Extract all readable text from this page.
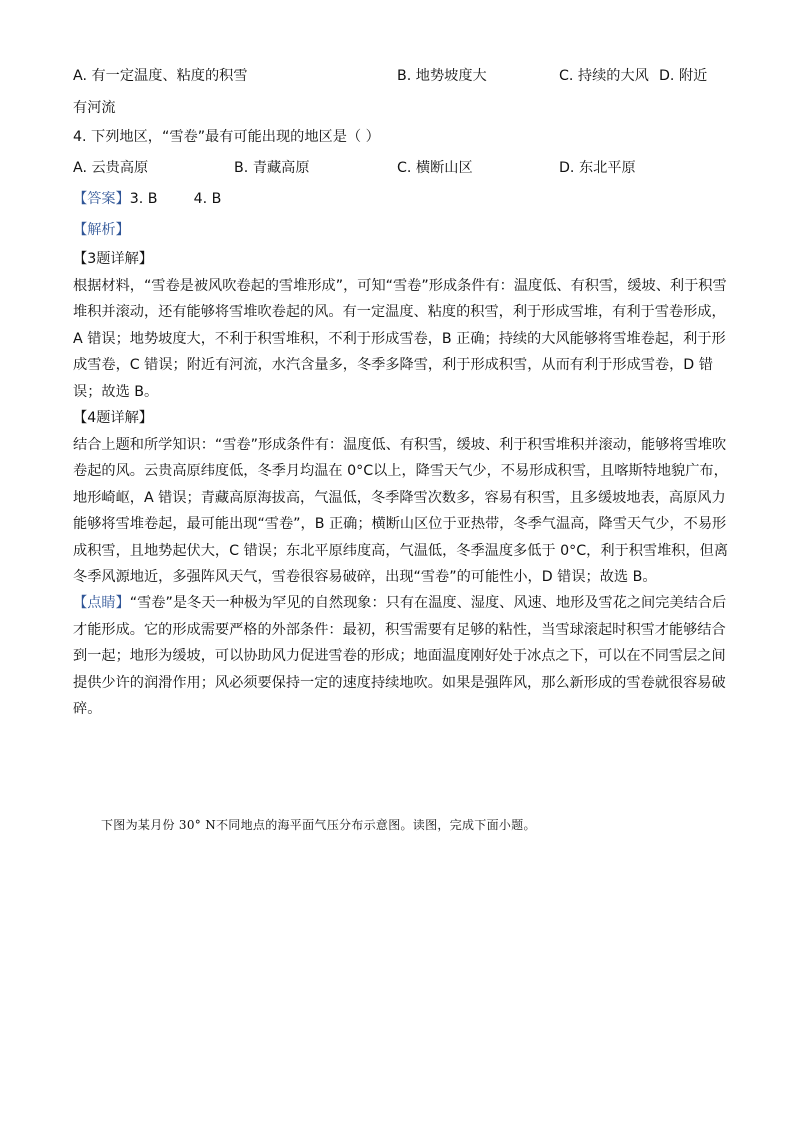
A. 有一定温度、粘度的积雪	B. 地势坡度大	C. 持续的大风 D. 附近
有河流
4. 下列地区，“雪卷”最有可能出现的地区是（ ）
A. 云贵高原	B. 青藏高原	C. 横断山区	D. 东北平原
【答案】3. B        4. B
【解析】
【3题详解】
根据材料，“雪卷是被风吹卷起的雪堆形成”，可知“雪卷”形成条件有：温度低、有积雪，缓坡、利于积雪
堆积并滚动，还有能够将雪堆吹卷起的风。有一定温度、粘度的积雪，利于形成雪堆，有利于雪卷形成，
A 错误；地势坡度大，不利于积雪堆积，不利于形成雪卷，B 正确；持续的大风能够将雪堆卷起，利于形
成雪卷，C 错误；附近有河流，水汽含量多，冬季多降雪，利于形成积雪，从而有利于形成雪卷，D 错
误；故选 B。
【4题详解】
结合上题和所学知识：“雪卷”形成条件有：温度低、有积雪，缓坡、利于积雪堆积并滚动，能够将雪堆吹
卷起的风。云贵高原纬度低，冬季月均温在 0°C以上，降雪天气少，不易形成积雪，且喀斯特地貌广布，
地形崎岖，A 错误；青藏高原海拔高，气温低，冬季降雪次数多，容易有积雪，且多缓坡地表，高原风力
能够将雪堆卷起，最可能出现“雪卷”，B 正确；横断山区位于亚热带，冬季气温高，降雪天气少，不易形
成积雪，且地势起伏大，C 错误；东北平原纬度高，气温低，冬季温度多低于 0°C，利于积雪堆积，但离
冬季风源地近，多强阵风天气，雪卷很容易破碎，出现“雪卷”的可能性小，D 错误；故选 B。
【点睛】“雪卷”是冬天一种极为罕见的自然现象：只有在温度、湿度、风速、地形及雪花之间完美结合后
才能形成。它的形成需要严格的外部条件：最初，积雪需要有足够的粘性，当雪球滚起时积雪才能够结合
到一起；地形为缓坡，可以协助风力促进雪卷的形成；地面温度刚好处于冰点之下，可以在不同雪层之间
提供少许的润滑作用；风必须要保持一定的速度持续地吹。如果是强阵风，那么新形成的雪卷就很容易破
碎。
下图为某月份 30° N不同地点的海平面气压分布示意图。读图，完成下面小题。
